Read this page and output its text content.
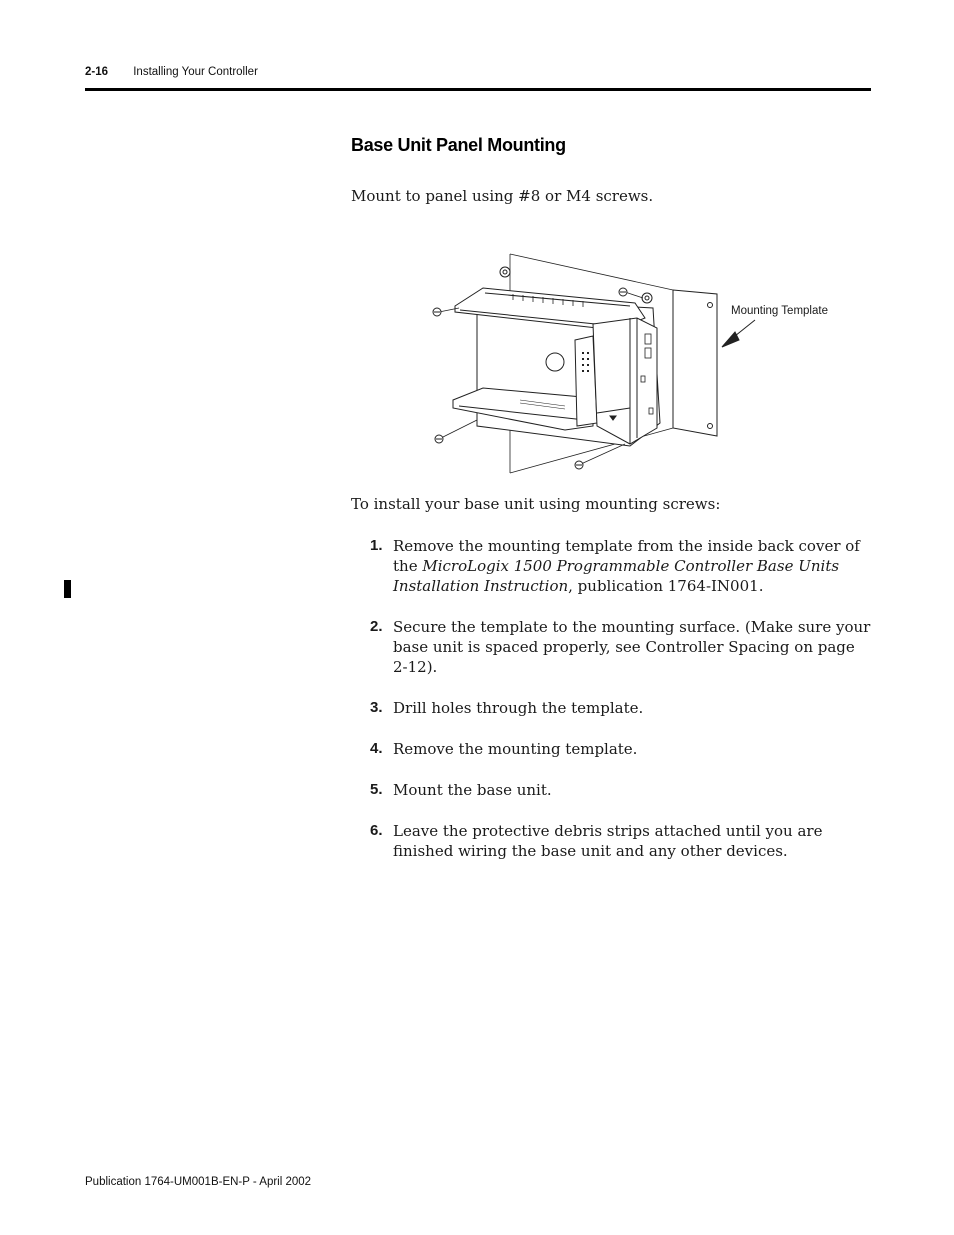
2-16 Installing Your Controller
Base Unit Panel Mounting
Mount to panel using #8 or M4 screws.
Mounting Template
To install your base unit using mounting screws:
1. Remove the mounting template from the inside back cover of the MicroLogix 1500 Programmable Controller Base Units Installation Instruction, publication 1764-IN001.
2. Secure the template to the mounting surface. (Make sure your base unit is spaced properly, see Controller Spacing on page 2-12).
3. Drill holes through the template.
4. Remove the mounting template.
5. Mount the base unit.
6. Leave the protective debris strips attached until you are finished wiring the base unit and any other devices.
Publication 1764-UM001B-EN-P - April 2002
